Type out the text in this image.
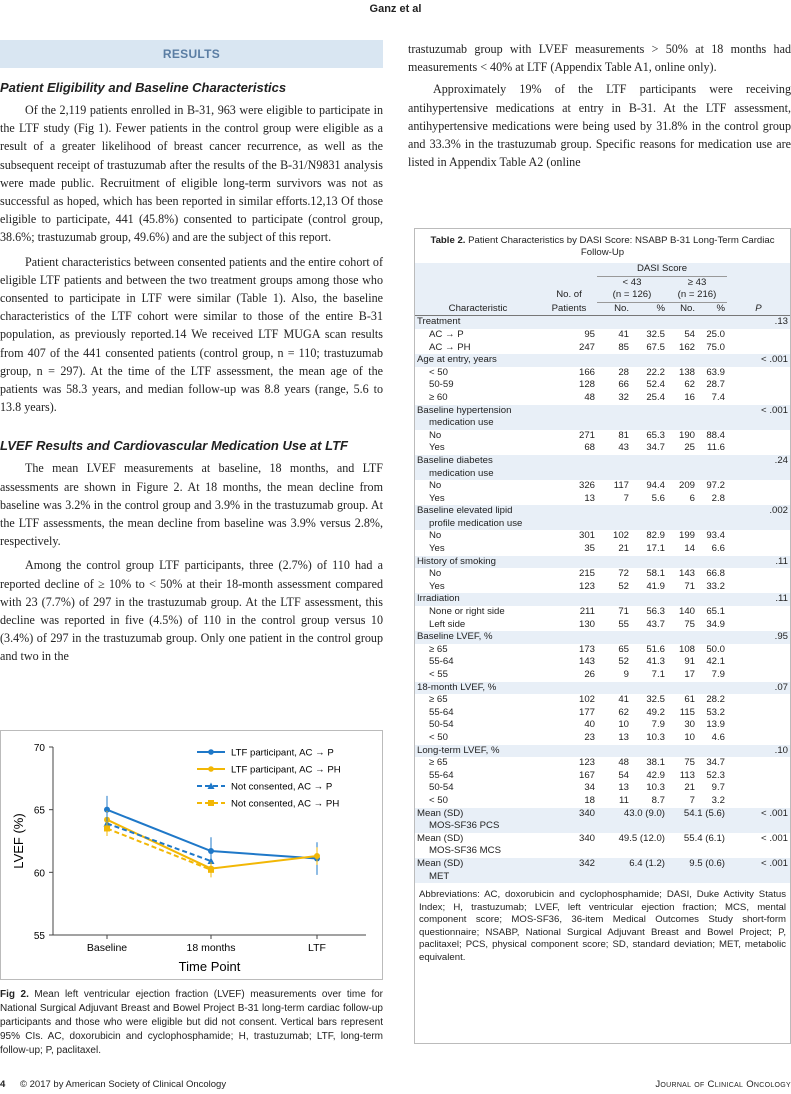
Ganz et al
RESULTS
Patient Eligibility and Baseline Characteristics

Of the 2,119 patients enrolled in B-31, 963 were eligible to participate in the LTF study (Fig 1). Fewer patients in the control group were eligible as a result of a greater likelihood of breast cancer recurrence, as well as the subsequent receipt of trastuzumab after the results of the B-31/N9831 analysis were made public. Recruitment of eligible long-term survivors was not as successful as hoped, which has been reported in similar efforts.12,13 Of those eligible to participate, 441 (45.8%) consented to participate (control group, 38.6%; trastuzumab group, 49.6%) and are the subject of this report.

Patient characteristics between consented patients and the entire cohort of eligible LTF patients and between the two treatment groups among those who consented to participate in LTF were similar (Table 1). Also, the baseline characteristics of the LTF cohort were similar to those of the entire B-31 population, as previously reported.14 We received LTF MUGA scan results from 407 of the 441 consented patients (control group, n = 110; trastuzumab group, n = 297). At the time of the LTF assessment, the mean age of the patients was 58.3 years, and median follow-up was 8.8 years (range, 5.6 to 13.8 years).

LVEF Results and Cardiovascular Medication Use at LTF

The mean LVEF measurements at baseline, 18 months, and LTF assessments are shown in Figure 2. At 18 months, the mean decline from baseline was 3.2% in the control group and 3.9% in the trastuzumab group. At the LTF assessments, the mean decline from baseline was 3.9% versus 2.8%, respectively.

Among the control group LTF participants, three (2.7%) of 110 had a reported decline of ≥ 10% to < 50% at their 18-month assessment compared with 23 (7.7%) of 297 in the trastuzumab group. At the LTF assessment, this decline was reported in five (4.5%) of 110 in the control group versus 10 (3.4%) of 297 in the trastuzumab group. Only one patient in the control group and two in the

trastuzumab group with LVEF measurements > 50% at 18 months had measurements < 40% at LTF (Appendix Table A1, online only).

Approximately 19% of the LTF participants were receiving antihypertensive medications at entry in B-31. At the LTF assessment, antihypertensive medications were being used by 31.8% in the control group and 33.3% in the trastuzumab group. Specific reasons for medication use are listed in Appendix Table A2 (online

55
60
65
70
Baseline	18 months	LTF
Time Point
LVEF (%)
LTF participant, AC → P
LTF participant, AC → PH
Not consented, AC → P
Not consented, AC → PH
Fig 2. Mean left ventricular ejection fraction (LVEF) measurements over time for National Surgical Adjuvant Breast and Bowel Project B-31 long-term cardiac follow-up participants and those who were eligible but did not consent. Vertical bars represent 95% CIs. AC, doxorubicin and cyclophosphamide; H, trastuzumab; LTF, long-term follow-up; P, paclitaxel.
Table 2. Patient Characteristics by DASI Score: NSABP B-31 Long-Term Cardiac Follow-Up
		DASI Score				
		< 43		≥ 43		
	No. of	(n = 126)		(n = 216)		
Characteristic	Patients	No.	%	No.	%	P
Treatment						.13
AC → P	95	41	32.5	54	25.0	
AC → PH	247	85	67.5	162	75.0	
Age at entry, years						< .001
< 50	166	28	22.2	138	63.9	
50-59	128	66	52.4	62	28.7	
≥ 60	48	32	25.4	16	7.4	
Baseline hypertension						< .001
medication use						
No	271	81	65.3	190	88.4	
Yes	68	43	34.7	25	11.6	
Baseline diabetes						.24
medication use						
No	326	117	94.4	209	97.2	
Yes	13	7	5.6	6	2.8	
Baseline elevated lipid						.002
profile medication use						
No	301	102	82.9	199	93.4	
Yes	35	21	17.1	14	6.6	
History of smoking						.11
No	215	72	58.1	143	66.8	
Yes	123	52	41.9	71	33.2	
Irradiation						.11
None or right side	211	71	56.3	140	65.1	
Left side	130	55	43.7	75	34.9	
Baseline LVEF, %						.95
≥ 65	173	65	51.6	108	50.0	
55-64	143	52	41.3	91	42.1	
< 55	26	9	7.1	17	7.9	
18-month LVEF, %						.07
≥ 65	102	41	32.5	61	28.2	
55-64	177	62	49.2	115	53.2	
50-54	40	10	7.9	30	13.9	
< 50	23	13	10.3	10	4.6	
Long-term LVEF, %						.10
≥ 65	123	48	38.1	75	34.7	
55-64	167	54	42.9	113	52.3	
50-54	34	13	10.3	21	9.7	
< 50	18	11	8.7	7	3.2	
Mean (SD)	340	43.0 (9.0)		54.1 (5.6)		< .001
MOS-SF36 PCS						
Mean (SD)	340	49.5 (12.0)		55.4 (6.1)		< .001
MOS-SF36 MCS						
Mean (SD)	342	6.4 (1.2)		9.5 (0.6)		< .001
MET						
Abbreviations: AC, doxorubicin and cyclophosphamide; DASI, Duke Activity Status Index; H, trastuzumab; LVEF, left ventricular ejection fraction; MCS, mental component score; MOS-SF36, 36-item Medical Outcomes Study short-form questionnaire; NSABP, National Surgical Adjuvant Breast and Bowel Project; P, paclitaxel; PCS, physical component score; SD, standard deviation; MET, metabolic equivalent.
4 © 2017 by American Society of Clinical Oncology	Journal of Clinical Oncology
